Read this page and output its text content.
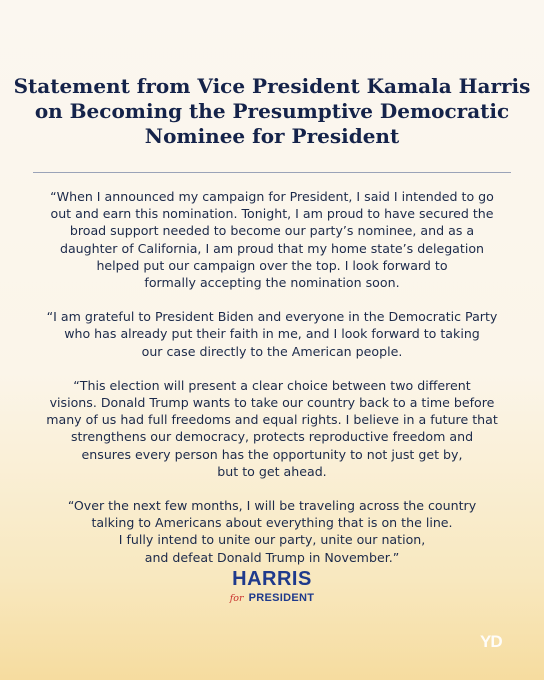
Statement from Vice President Kamala Harris
on Becoming the Presumptive Democratic
Nominee for President

“When I announced my campaign for President, I said I intended to go
out and earn this nomination. Tonight, I am proud to have secured the
broad support needed to become our party’s nominee, and as a
daughter of California, I am proud that my home state’s delegation
helped put our campaign over the top. I look forward to
formally accepting the nomination soon.

“I am grateful to President Biden and everyone in the Democratic Party
who has already put their faith in me, and I look forward to taking
our case directly to the American people.

“This election will present a clear choice between two different
visions. Donald Trump wants to take our country back to a time before
many of us had full freedoms and equal rights. I believe in a future that
strengthens our democracy, protects reproductive freedom and
ensures every person has the opportunity to not just get by,
but to get ahead.

“Over the next few months, I will be traveling across the country
talking to Americans about everything that is on the line.
I fully intend to unite our party, unite our nation,
and defeat Donald Trump in November.”

HARRIS
for PRESIDENT
YD
